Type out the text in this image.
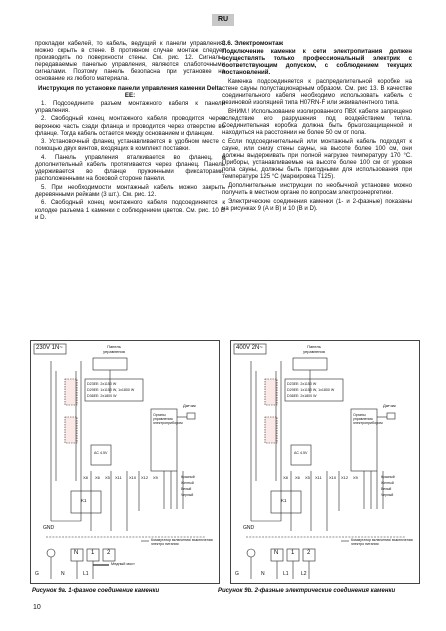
RU

прокладки кабелей, то кабель, ведущий к панели управления, можно скрыть в стене. В противном случае монтаж следует производить по поверхности стены. См. рис. 12. Сигналы, передаваемые панелью управления, являются слаботочными сигналами. Поэтому панель безопасна при установке на основание из любого материала.

Инструкция по установке панели управления каменки Delta EE:

1. Подсоедините разъем монтажного кабеля к панели управления.

2. Свободный конец монтажного кабеля проводится через верхнюю часть сзади фланца и проводится через отверстие во фланце. Тогда кабель остается между основанием и фланцем.

3. Установочный фланец устанавливается в удобном месте с помощью двух винтов, входящих в комплект поставки.

4. Панель управления вталкивается во фланец, а дополнительный кабель протягивается через фланец. Панель удерживается во фланце пружинными фиксаторами, расположенными на боковой стороне панели.

5. При необходимости монтажный кабель можно закрыть деревянными рейками (3 шт.). См. рис. 12.

6. Свободный конец монтажного кабеля подсоединяется к колодке разъема 1 каменки с соблюдением цветов. См. рис. 10 В и D.

3.6. Электромонтаж

Подключение каменки к сети электропитания должен осуществлять только профессиональный электрик с соответствующим допуском, с соблюдением текущих постановлений.

Каменка подсоединяется к распределительной коробке на стене сауны полустационарным образом. См. рис 13. В качестве соединительного кабеля необходимо использовать кабель с резиновой изоляцией типа H07RN-F или эквивалентного типа.

ВНИМ.! Использование изолированного ПВХ кабеля запрещено вследствие его разрушения под воздействием тепла. Соединительная коробка должна быть брызгозащищенной и находиться на расстоянии не более 50 см от пола.

Если подсоединительный или монтажный кабель подходят к сауне, или снизу стены сауны, на высоте более 100 см, они должны выдерживать при полной нагрузке температуру 170 °C. Приборы, устанавливаемые на высоте более 100 см от уровня пола сауны, должны быть пригодными для использования при температуре 125 °C (маркировка T125).

Дополнительные инструкции по необычной установке можно получить в местном органе по вопросам электроэнергетики.

Электрические соединения каменки (1- и 2-фазные) показаны на рисунках 9 (A и B) и 10 (B и D).

230V 1N~	Панель управления
D23EE: 2x1150 W
D29EE: 1x1150 W, 1x1800 W
D36EE: 2x1800 W
Датчик
Органы управления электроприбором
AC 4.5V
Красный
Желтый
Белый
Черный
X8 X6 X5 X11 X10 X12 X9
K1
GND
Коммутатор включения/ выключения электро питания
N 1 2
Медный мост
G	N	L1
400V 2N~	Панель управления
D23EE: 2x1150 W
D29EE: 1x1150 W, 1x1800 W
D36EE: 2x1800 W
Датчик
Органы управления электроприбором
AC 4.5V
Красный
Желтый
Белый
Черный
X8 X6 X5 X11 X10 X12 X9
K1
GND
Коммутатор включения/ выключения электро питания
N 1 2
G	N	L1 L2
Рисунок 9a. 1-фазное соединение каменки	Рисунок 9b. 2-фазные электрические соединения каменки
10
